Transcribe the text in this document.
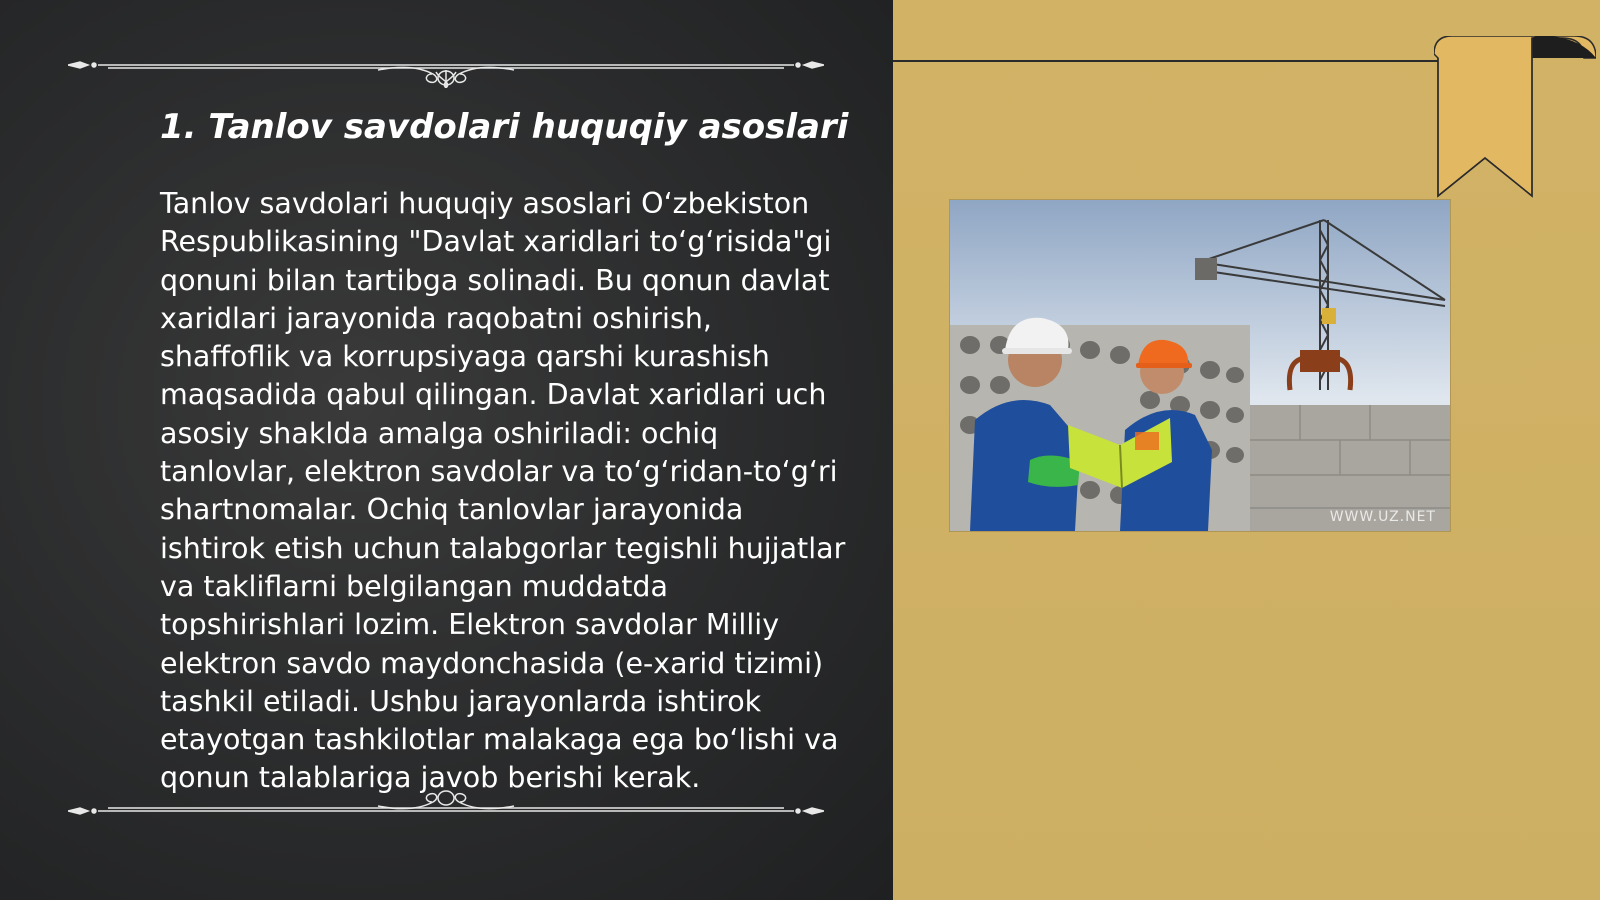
1. Tanlov savdolari huquqiy asoslari

Tanlov savdolari huquqiy asoslari O‘zbekiston Respublikasining "Davlat xaridlari to‘g‘risida"gi qonuni bilan tartibga solinadi. Bu qonun davlat xaridlari jarayonida raqobatni oshirish, shaffoflik va korrupsiyaga qarshi kurashish maqsadida qabul qilingan. Davlat xaridlari uch asosiy shaklda amalga oshiriladi: ochiq tanlovlar, elektron savdolar va to‘g‘ridan-to‘g‘ri shartnomalar. Ochiq tanlovlar jarayonida ishtirok etish uchun talabgorlar tegishli hujjatlar va takliflarni belgilangan muddatda topshirishlari lozim. Elektron savdolar Milliy elektron savdo maydonchasida (e-xarid tizimi) tashkil etiladi. Ushbu jarayonlarda ishtirok etayotgan tashkilotlar malakaga ega bo‘lishi va qonun talablariga javob berishi kerak.

WWW.UZ.NET
